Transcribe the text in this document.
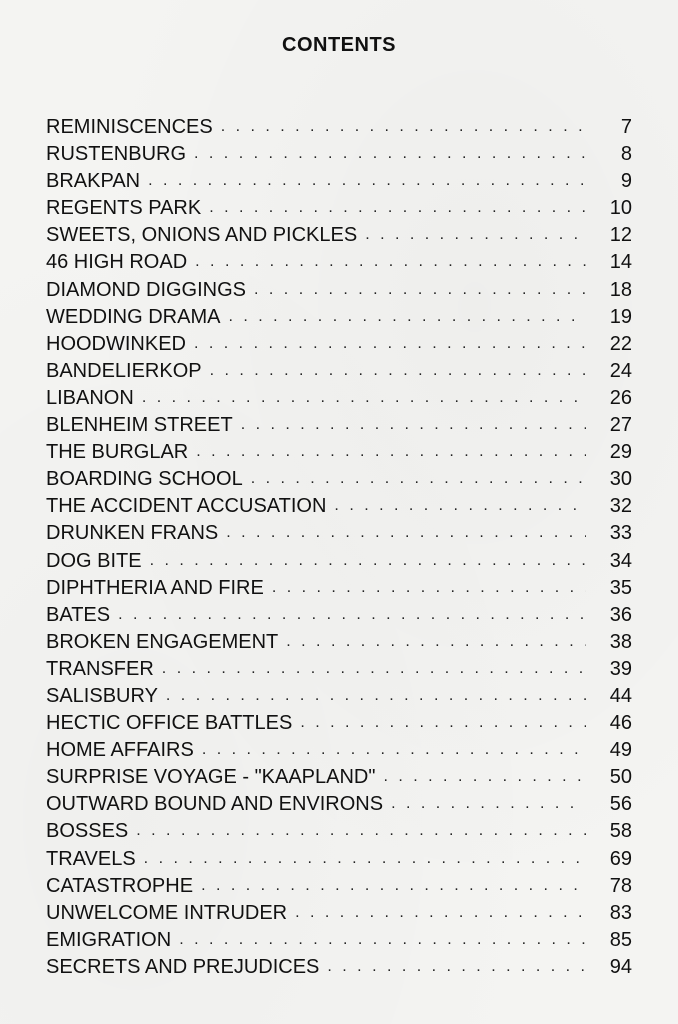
CONTENTS
REMINISCENCES . . .	7
RUSTENBURG . . .	8
BRAKPAN . . .	9
REGENTS PARK . . .	10
SWEETS, ONIONS AND PICKLES . . .	12
46 HIGH ROAD . . .	14
DIAMOND DIGGINGS . . .	18
WEDDING DRAMA . . .	19
HOODWINKED . . .	22
BANDELIERKOP . . .	24
LIBANON . . .	26
BLENHEIM STREET . . .	27
THE BURGLAR . . .	29
BOARDING SCHOOL . . .	30
THE ACCIDENT ACCUSATION . . .	32
DRUNKEN FRANS . . .	33
DOG BITE . . .	34
DIPHTHERIA AND FIRE . . .	35
BATES . . .	36
BROKEN ENGAGEMENT . . .	38
TRANSFER . . .	39
SALISBURY . . .	44
HECTIC OFFICE BATTLES . . .	46
HOME AFFAIRS . . .	49
SURPRISE VOYAGE - "KAAPLAND" . . .	50
OUTWARD BOUND AND ENVIRONS . . .	56
BOSSES . . .	58
TRAVELS . . .	69
CATASTROPHE . . .	78
UNWELCOME INTRUDER . . .	83
EMIGRATION . . .	85
SECRETS AND PREJUDICES . . .	94
